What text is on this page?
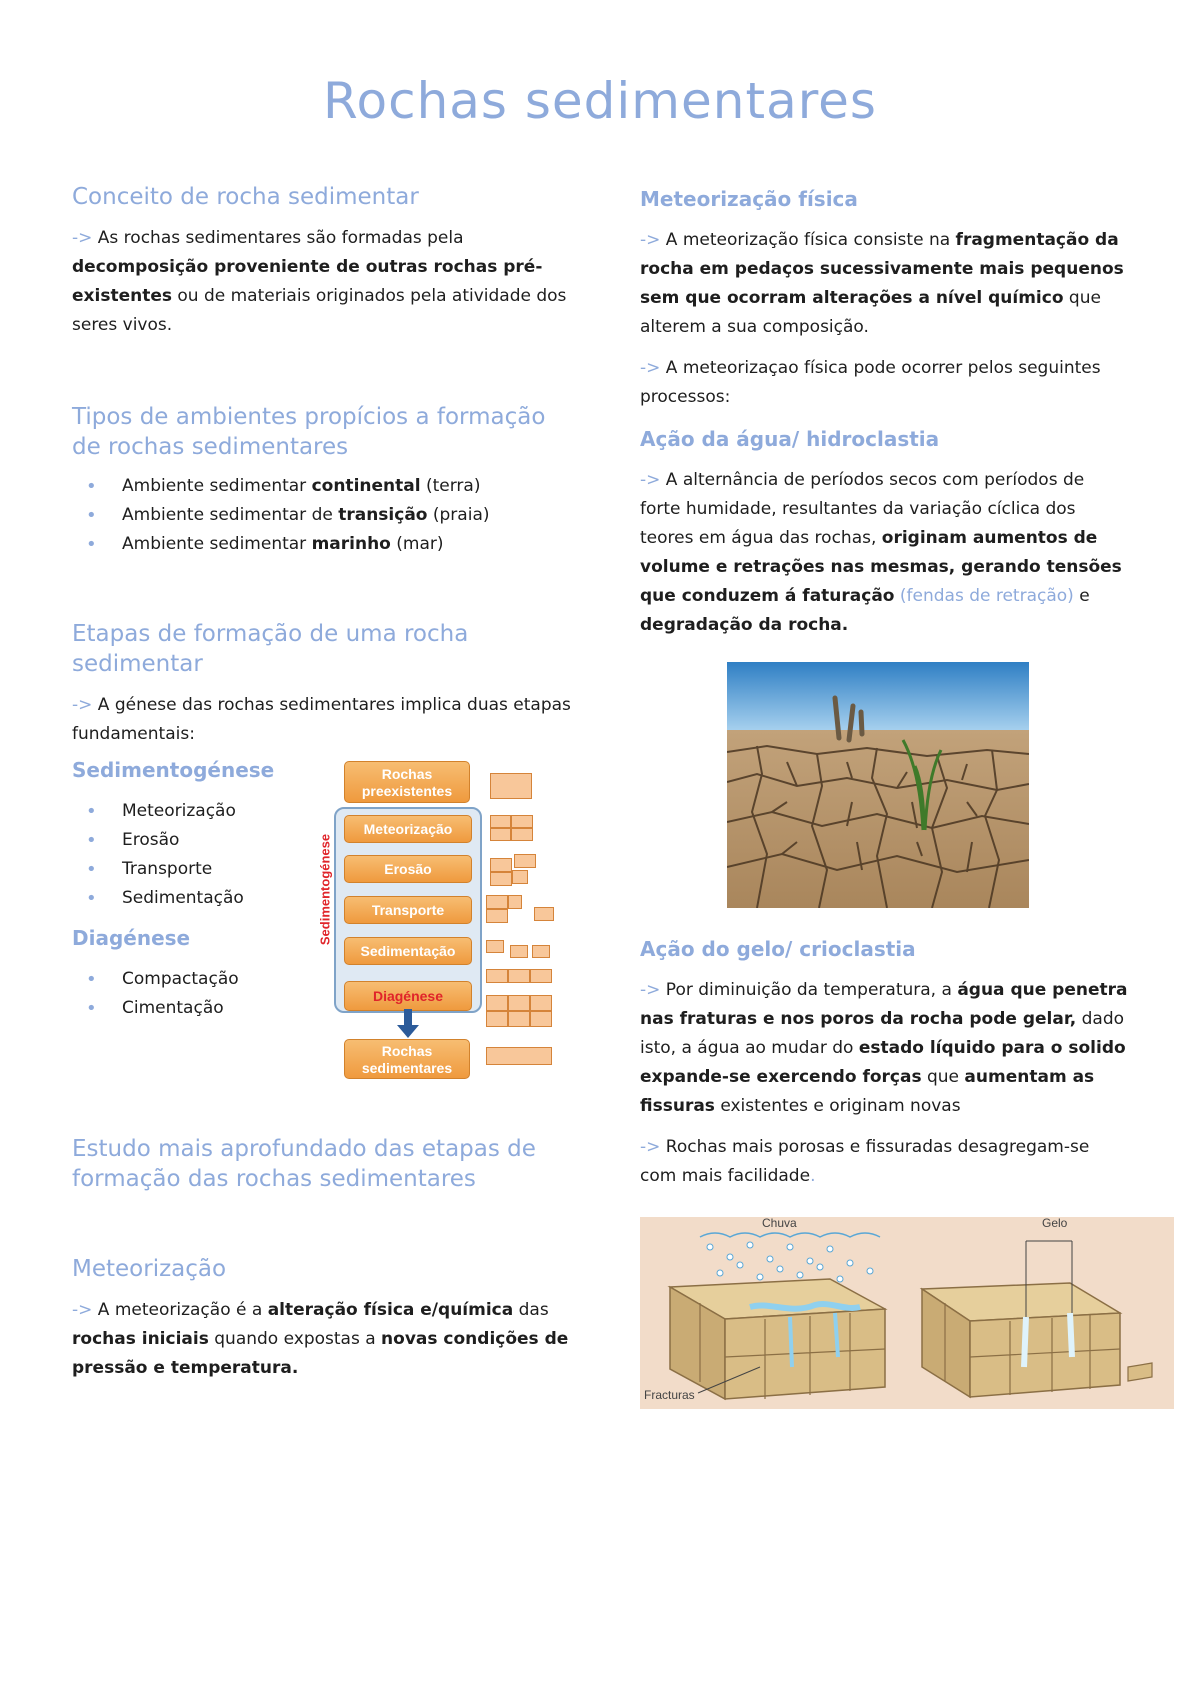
Rochas sedimentares
Conceito de rocha sedimentar

-> As rochas sedimentares são formadas pela decomposição proveniente de outras rochas pré-existentes ou de materiais originados pela atividade dos seres vivos.

Tipos de ambientes propícios a formação de rochas sedimentares
• Ambiente sedimentar continental (terra)
• Ambiente sedimentar de transição (praia)
• Ambiente sedimentar marinho (mar)
Etapas de formação de uma rocha sedimentar

-> A génese das rochas sedimentares implica duas etapas fundamentais:

Sedimentogénese
• Meteorização
• Erosão
• Transporte
• Sedimentação
Diagénese
• Compactação
• Cimentação
Sedimentogénese
Rochas preexistentes
Meteorização
Erosão
Transporte
Sedimentação
Diagénese
Rochas sedimentares
Estudo mais aprofundado das etapas de formação das rochas sedimentares
Meteorização

-> A meteorização é a alteração física e/química das rochas iniciais quando expostas a novas condições de pressão e temperatura.

Meteorização física

-> A meteorização física consiste na fragmentação da rocha em pedaços sucessivamente mais pequenos sem que ocorram alterações a nível químico que alterem a sua composição.

-> A meteorizaçao física pode ocorrer pelos seguintes processos:

Ação da água/ hidroclastia

-> A alternância de períodos secos com períodos de forte humidade, resultantes da variação cíclica dos teores em água das rochas, originam aumentos de volume e retrações nas mesmas, gerando tensões que conduzem á faturação (fendas de retração) e degradação da rocha.

Ação do gelo/ crioclastia

-> Por diminuição da temperatura, a água que penetra nas fraturas e nos poros da rocha pode gelar, dado isto, a água ao mudar do estado líquido para o solido expande-se exercendo forças que aumentam as fissuras existentes e originam novas

-> Rochas mais porosas e fissuradas desagregam-se com mais facilidade.

Chuva
Fracturas
Gelo
